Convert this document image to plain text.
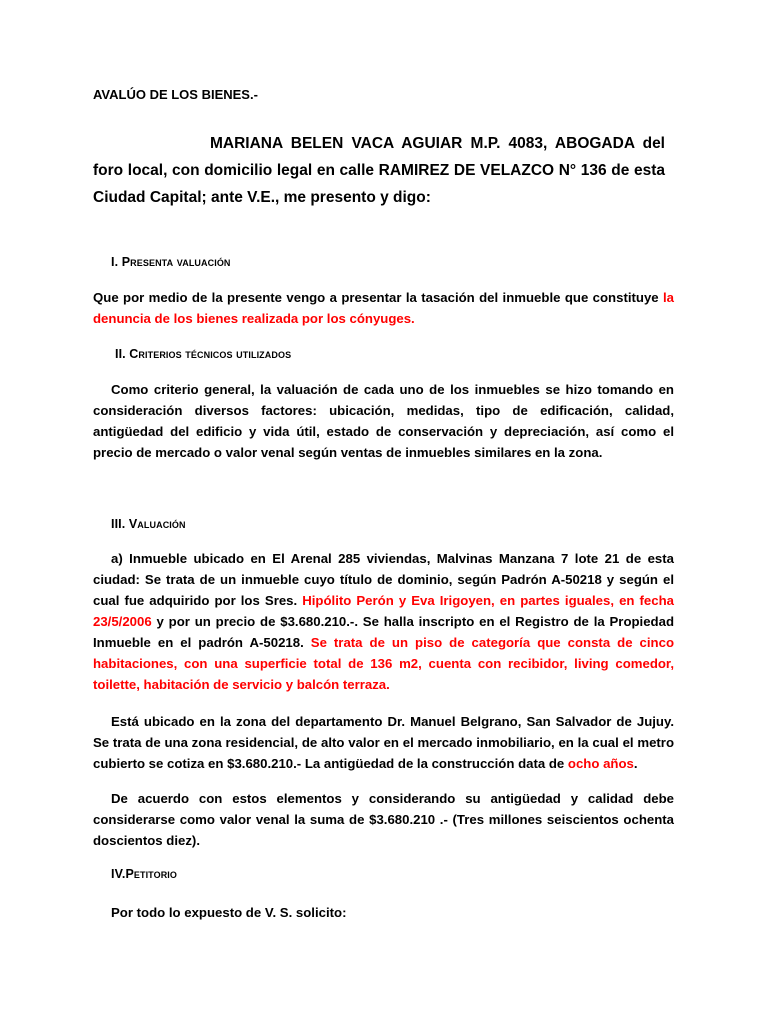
AVALÚO DE LOS BIENES.-
MARIANA BELEN VACA AGUIAR M.P. 4083, ABOGADA del foro local, con domicilio legal en calle RAMIREZ DE VELAZCO N° 136 de esta Ciudad Capital; ante V.E., me presento y digo:
I. Presenta valuación
Que por medio de la presente vengo a presentar la tasación del inmueble que constituye la denuncia de los bienes realizada por los cónyuges.
II. Criterios técnicos utilizados
Como criterio general, la valuación de cada uno de los inmuebles se hizo tomando en consideración diversos factores: ubicación, medidas, tipo de edificación, calidad, antigüedad del edificio y vida útil, estado de conservación y depreciación, así como el precio de mercado o valor venal según ventas de inmuebles similares en la zona.
III. Valuación
a) Inmueble ubicado en El Arenal 285 viviendas, Malvinas Manzana 7 lote 21 de esta ciudad: Se trata de un inmueble cuyo título de dominio, según Padrón A-50218 y según el cual fue adquirido por los Sres. Hipólito Perón y Eva Irigoyen, en partes iguales, en fecha 23/5/2006 y por un precio de $3.680.210.-. Se halla inscripto en el Registro de la Propiedad Inmueble en el padrón A-50218. Se trata de un piso de categoría que consta de cinco habitaciones, con una superficie total de 136 m2, cuenta con recibidor, living comedor, toilette, habitación de servicio y balcón terraza.
Está ubicado en la zona del departamento Dr. Manuel Belgrano, San Salvador de Jujuy. Se trata de una zona residencial, de alto valor en el mercado inmobiliario, en la cual el metro cubierto se cotiza en $3.680.210.- La antigüedad de la construcción data de ocho años.
De acuerdo con estos elementos y considerando su antigüedad y calidad debe considerarse como valor venal la suma de $3.680.210 .- (Tres millones seiscientos ochenta doscientos diez).
IV.Petitorio
Por todo lo expuesto de V. S. solicito:
